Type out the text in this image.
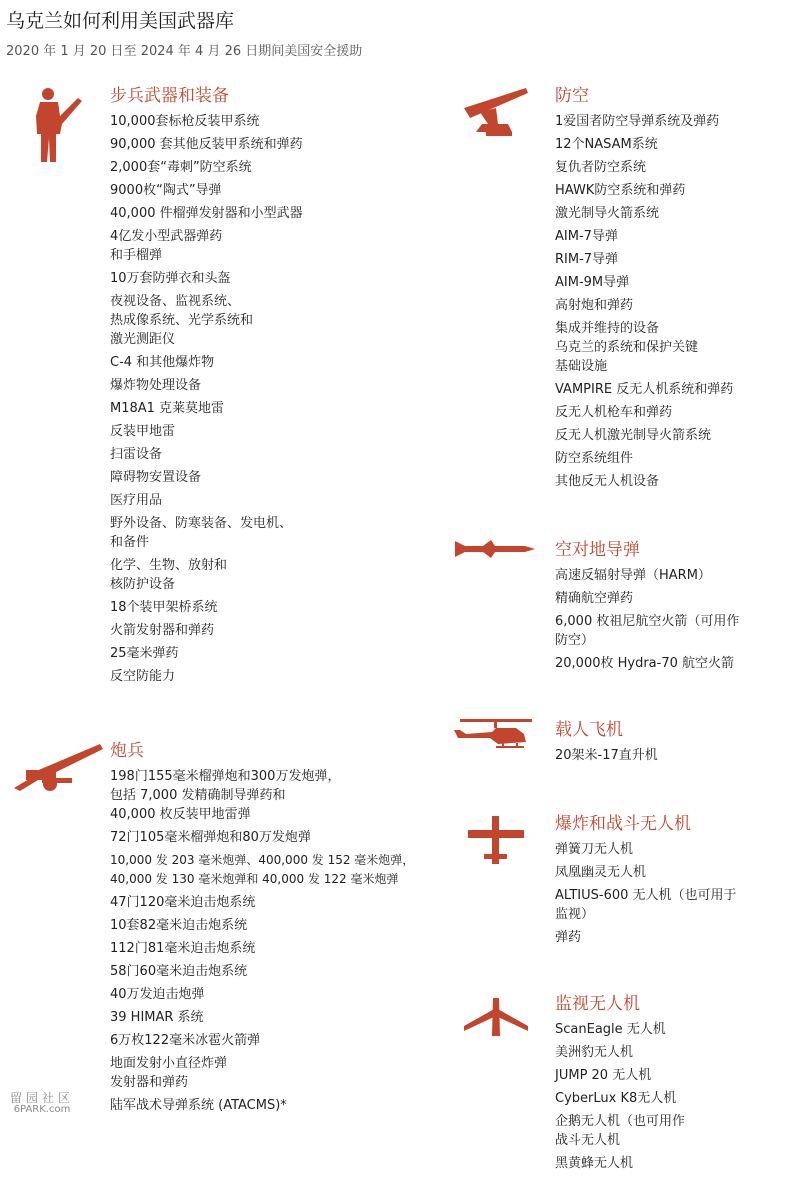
乌克兰如何利用美国武器库
2020 年 1 月 20 日至 2024 年 4 月 26 日期间美国安全援助
步兵武器和装备
10,000套标枪反装甲系统
90,000 套其他反装甲系统和弹药
2,000套“毒刺”防空系统
9000枚“陶式”导弹
40,000 件榴弹发射器和小型武器
4亿发小型武器弹药
和手榴弹
10万套防弹衣和头盔
夜视设备、监视系统、
热成像系统、光学系统和
激光测距仪
C-4 和其他爆炸物
爆炸物处理设备
M18A1 克莱莫地雷
反装甲地雷
扫雷设备
障碍物安置设备
医疗用品
野外设备、防寒装备、发电机、
和备件
化学、生物、放射和
核防护设备
18个装甲架桥系统
火箭发射器和弹药
25毫米弹药
反空防能力
炮兵
198门155毫米榴弹炮和300万发炮弹，
包括 7,000 发精确制导弹药和
40,000 枚反装甲地雷弹
72门105毫米榴弹炮和80万发炮弹
10,000 发 203 毫米炮弹、400,000 发 152 毫米炮弹，
40,000 发 130 毫米炮弹和 40,000 发 122 毫米炮弹
47门120毫米迫击炮系统
10套82毫米迫击炮系统
112门81毫米迫击炮系统
58门60毫米迫击炮系统
40万发迫击炮弹
39 HIMAR 系统
6万枚122毫米冰雹火箭弹
地面发射小直径炸弹
发射器和弹药
陆军战术导弹系统 (ATACMS)*
防空
1爱国者防空导弹系统及弹药
12个NASAM系统
复仇者防空系统
HAWK防空系统和弹药
激光制导火箭系统
AIM-7导弹
RIM-7导弹
AIM-9M导弹
高射炮和弹药
集成并维持的设备
乌克兰的系统和保护关键
基础设施
VAMPIRE 反无人机系统和弹药
反无人机枪车和弹药
反无人机激光制导火箭系统
防空系统组件
其他反无人机设备
空对地导弹
高速反辐射导弹（HARM）
精确航空弹药
6,000 枚祖尼航空火箭（可用作
防空）
20,000枚 Hydra-70 航空火箭
载人飞机
20架米-17直升机
爆炸和战斗无人机
弹簧刀无人机
凤凰幽灵无人机
ALTIUS-600 无人机（也可用于
监视）
弹药
监视无人机
ScanEagle 无人机
美洲豹无人机
JUMP 20 无人机
CyberLux K8无人机
企鹅无人机（也可用作
战斗无人机
黑黄蜂无人机
留园社区
6PARK.com
